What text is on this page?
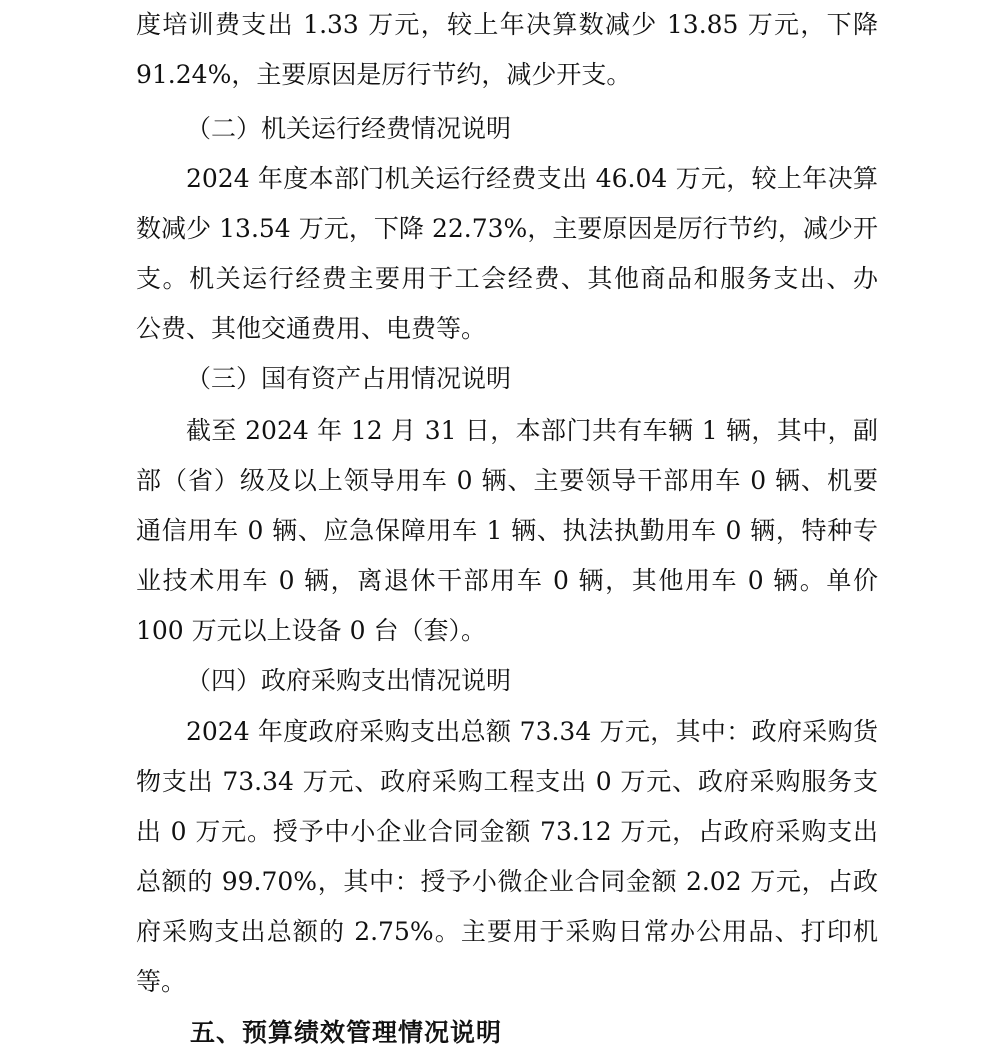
度培训费支出 1.33 万元，较上年决算数减少 13.85 万元，下降
91.24%，主要原因是厉行节约，减少开支。
（二）机关运行经费情况说明
2024 年度本部门机关运行经费支出 46.04 万元，较上年决算
数减少 13.54 万元，下降 22.73%，主要原因是厉行节约，减少开
支。机关运行经费主要用于工会经费、其他商品和服务支出、办
公费、其他交通费用、电费等。
（三）国有资产占用情况说明
截至 2024 年 12 月 31 日，本部门共有车辆 1 辆，其中，副
部（省）级及以上领导用车 0 辆、主要领导干部用车 0 辆、机要
通信用车 0 辆、应急保障用车 1 辆、执法执勤用车 0 辆，特种专
业技术用车 0 辆，离退休干部用车 0 辆，其他用车 0 辆。单价
100 万元以上设备 0 台（套）。
（四）政府采购支出情况说明
2024 年度政府采购支出总额 73.34 万元，其中：政府采购货
物支出 73.34 万元、政府采购工程支出 0 万元、政府采购服务支
出 0 万元。授予中小企业合同金额 73.12 万元，占政府采购支出
总额的 99.70%，其中：授予小微企业合同金额 2.02 万元，占政
府采购支出总额的 2.75%。主要用于采购日常办公用品、打印机
等。
五、预算绩效管理情况说明
